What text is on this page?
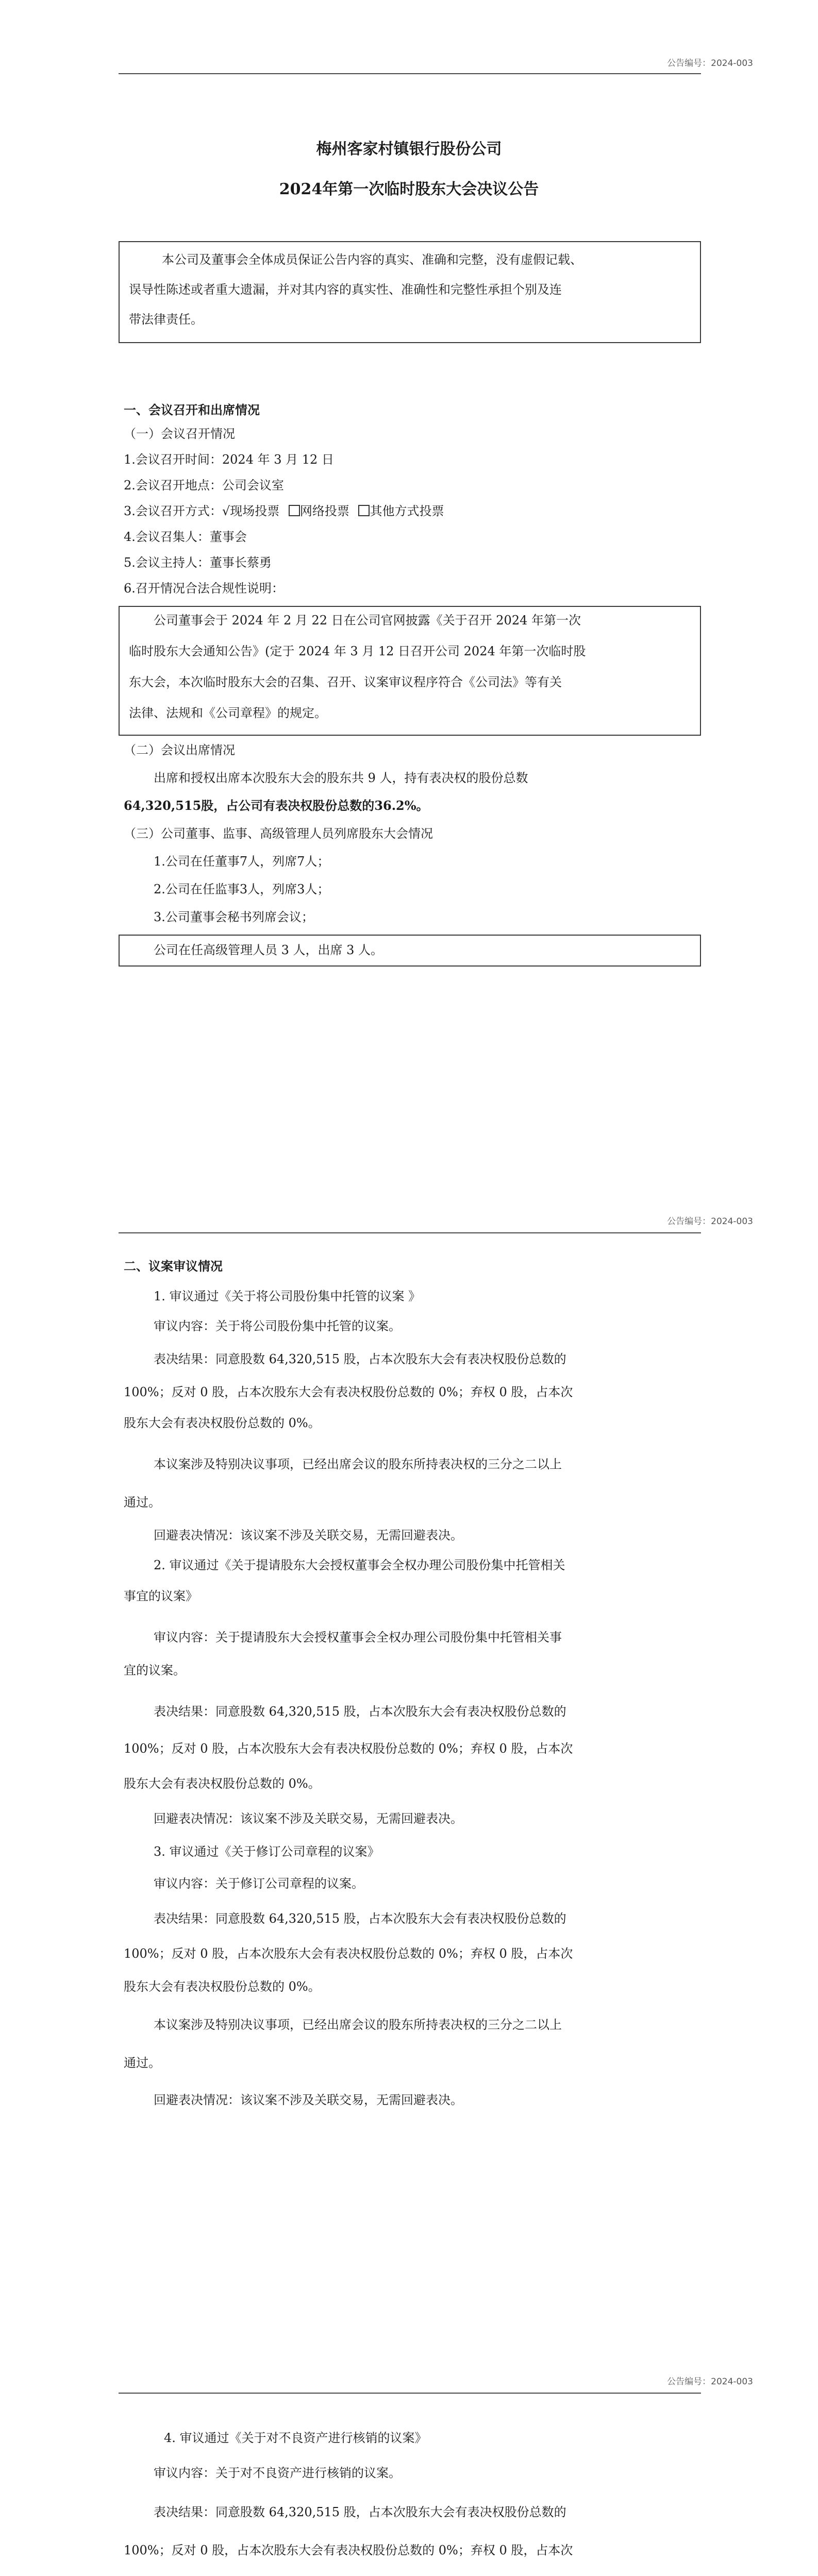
公告编号：2024-003
梅州客家村镇银行股份公司
2024年第一次临时股东大会决议公告
本公司及董事会全体成员保证公告内容的真实、准确和完整，没有虚假记载、
误导性陈述或者重大遗漏，并对其内容的真实性、准确性和完整性承担个别及连
带法律责任。
一、会议召开和出席情况
（一）会议召开情况
1.会议召开时间：2024 年 3 月 12 日
2.会议召开地点：公司会议室
3.会议召开方式：√现场投票 网络投票 其他方式投票
4.会议召集人：董事会
5.会议主持人：董事长蔡勇
6.召开情况合法合规性说明：
公司董事会于 2024 年 2 月 22 日在公司官网披露《关于召开 2024 年第一次
临时股东大会通知公告》(定于 2024 年 3 月 12 日召开公司 2024 年第一次临时股
东大会，本次临时股东大会的召集、召开、议案审议程序符合《公司法》等有关
法律、法规和《公司章程》的规定。
（二）会议出席情况
出席和授权出席本次股东大会的股东共 9 人，持有表决权的股份总数
64,320,515股，占公司有表决权股份总数的36.2%。
（三）公司董事、监事、高级管理人员列席股东大会情况
1.公司在任董事7人，列席7人；
2.公司在任监事3人，列席3人；
3.公司董事会秘书列席会议；
公司在任高级管理人员 3 人，出席 3 人。
公告编号：2024-003
二、议案审议情况
1. 审议通过《关于将公司股份集中托管的议案 》
审议内容：关于将公司股份集中托管的议案。
表决结果：同意股数 64,320,515 股，占本次股东大会有表决权股份总数的
100%；反对 0 股，占本次股东大会有表决权股份总数的 0%；弃权 0 股，占本次
股东大会有表决权股份总数的 0%。
本议案涉及特别决议事项，已经出席会议的股东所持表决权的三分之二以上
通过。
回避表决情况：该议案不涉及关联交易，无需回避表决。
2. 审议通过《关于提请股东大会授权董事会全权办理公司股份集中托管相关
事宜的议案》
审议内容：关于提请股东大会授权董事会全权办理公司股份集中托管相关事
宜的议案。
表决结果：同意股数 64,320,515 股，占本次股东大会有表决权股份总数的
100%；反对 0 股，占本次股东大会有表决权股份总数的 0%；弃权 0 股，占本次
股东大会有表决权股份总数的 0%。
回避表决情况：该议案不涉及关联交易，无需回避表决。
3. 审议通过《关于修订公司章程的议案》
审议内容：关于修订公司章程的议案。
表决结果：同意股数 64,320,515 股，占本次股东大会有表决权股份总数的
100%；反对 0 股，占本次股东大会有表决权股份总数的 0%；弃权 0 股，占本次
股东大会有表决权股份总数的 0%。
本议案涉及特别决议事项，已经出席会议的股东所持表决权的三分之二以上
通过。
回避表决情况：该议案不涉及关联交易，无需回避表决。
公告编号：2024-003
4. 审议通过《关于对不良资产进行核销的议案》
审议内容：关于对不良资产进行核销的议案。
表决结果：同意股数 64,320,515 股，占本次股东大会有表决权股份总数的
100%；反对 0 股，占本次股东大会有表决权股份总数的 0%；弃权 0 股，占本次
